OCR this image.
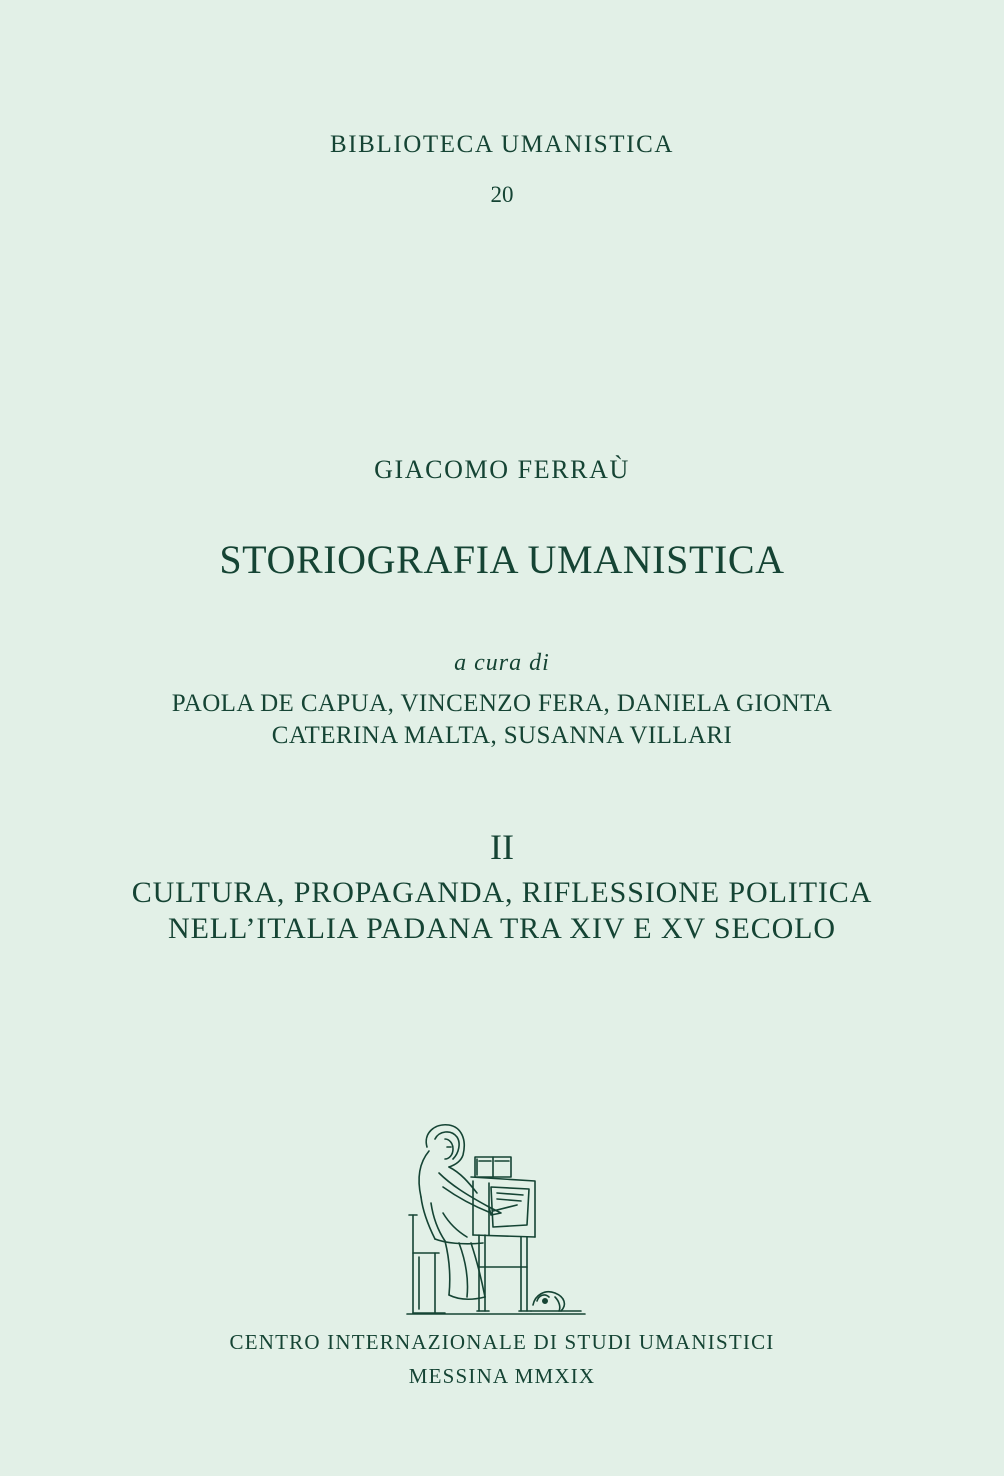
BIBLIOTECA UMANISTICA
20
GIACOMO FERRAÙ
STORIOGRAFIA UMANISTICA
a cura di
PAOLA DE CAPUA, VINCENZO FERA, DANIELA GIONTA
CATERINA MALTA, SUSANNA VILLARI
II
CULTURA, PROPAGANDA, RIFLESSIONE POLITICA
NELL’ITALIA PADANA TRA XIV E XV SECOLO
CENTRO INTERNAZIONALE DI STUDI UMANISTICI
MESSINA MMXIX
